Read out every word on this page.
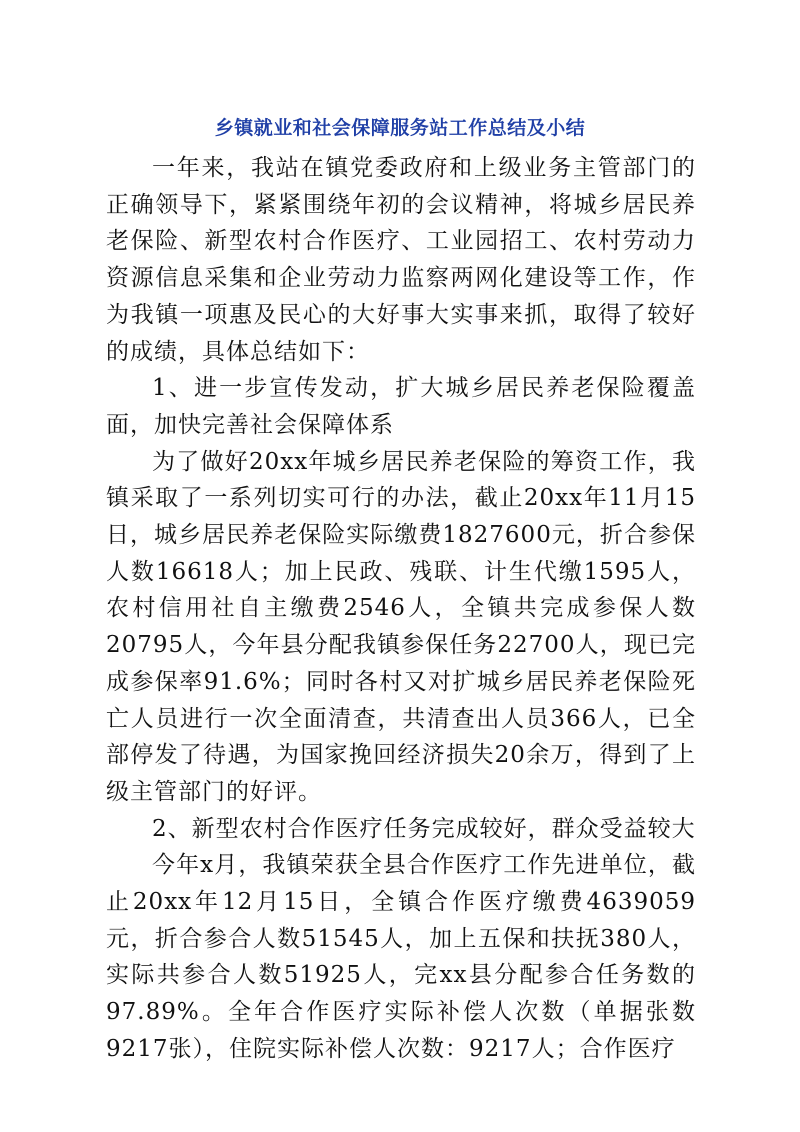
乡镇就业和社会保障服务站工作总结及小结

一年来，我站在镇党委政府和上级业务主管部门的正确领导下，紧紧围绕年初的会议精神，将城乡居民养老保险、新型农村合作医疗、工业园招工、农村劳动力资源信息采集和企业劳动力监察两网化建设等工作，作为我镇一项惠及民心的大好事大实事来抓，取得了较好的成绩，具体总结如下：

1、进一步宣传发动，扩大城乡居民养老保险覆盖面，加快完善社会保障体系

为了做好20xx年城乡居民养老保险的筹资工作，我镇采取了一系列切实可行的办法，截止20xx年11月15日，城乡居民养老保险实际缴费1827600元，折合参保人数16618人；加上民政、残联、计生代缴1595人，农村信用社自主缴费2546人，全镇共完成参保人数20795人，今年县分配我镇参保任务22700人，现已完成参保率91.6%；同时各村又对扩城乡居民养老保险死亡人员进行一次全面清查，共清查出人员366人，已全部停发了待遇，为国家挽回经济损失20余万，得到了上级主管部门的好评。

2、新型农村合作医疗任务完成较好，群众受益较大

今年x月，我镇荣获全县合作医疗工作先进单位，截止20xx年12月15日，全镇合作医疗缴费4639059元，折合参合人数51545人，加上五保和扶抚380人，实际共参合人数51925人，完xx县分配参合任务数的97.89%。全年合作医疗实际补偿人次数（单据张数9217张），住院实际补偿人次数：9217人；合作医疗
